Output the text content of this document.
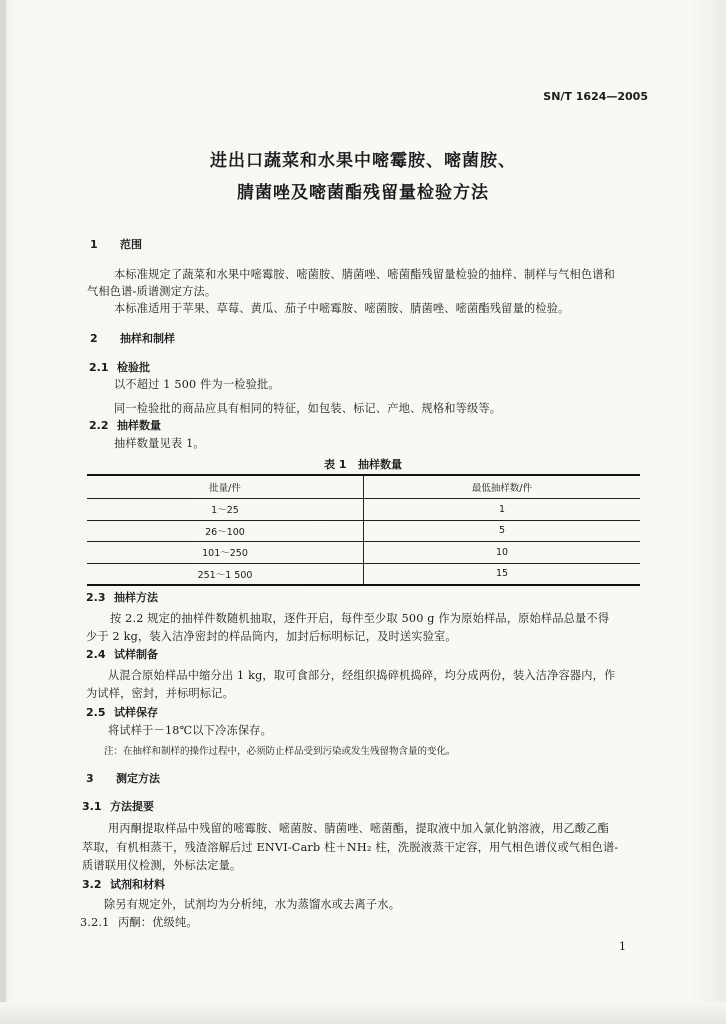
SN/T 1624—2005
进出口蔬菜和水果中嘧霉胺、嘧菌胺、
腈菌唑及嘧菌酯残留量检验方法
1 范围
本标准规定了蔬菜和水果中嘧霉胺、嘧菌胺、腈菌唑、嘧菌酯残留量检验的抽样、制样与气相色谱和
气相色谱-质谱测定方法。
本标准适用于苹果、草莓、黄瓜、茄子中嘧霉胺、嘧菌胺、腈菌唑、嘧菌酯残留量的检验。
2 抽样和制样
2.1 检验批
以不超过 1 500 件为一检验批。
同一检验批的商品应具有相同的特征，如包装、标记、产地、规格和等级等。
2.2 抽样数量
抽样数量见表 1。
表 1 抽样数量
批量/件	最低抽样数/件
1～25	1
26～100	5
101～250	10
251～1 500	15
2.3 抽样方法
按 2.2 规定的抽样件数随机抽取，逐件开启，每件至少取 500 g 作为原始样品，原始样品总量不得
少于 2 kg，装入洁净密封的样品筒内，加封后标明标记，及时送实验室。
2.4 试样制备
从混合原始样品中缩分出 1 kg，取可食部分，经组织捣碎机捣碎，均分成两份，装入洁净容器内，作
为试样，密封，并标明标记。
2.5 试样保存
将试样于－18℃以下冷冻保存。
注：在抽样和制样的操作过程中，必须防止样品受到污染或发生残留物含量的变化。
3 测定方法
3.1 方法提要
用丙酮提取样品中残留的嘧霉胺、嘧菌胺、腈菌唑、嘧菌酯，提取液中加入氯化钠溶液，用乙酸乙酯
萃取，有机相蒸干，残渣溶解后过 ENVI-Carb 柱＋NH₂ 柱，洗脱液蒸干定容，用气相色谱仪或气相色谱-
质谱联用仪检测，外标法定量。
3.2 试剂和材料
除另有规定外，试剂均为分析纯，水为蒸馏水或去离子水。
3.2.1 丙酮：优级纯。
1
